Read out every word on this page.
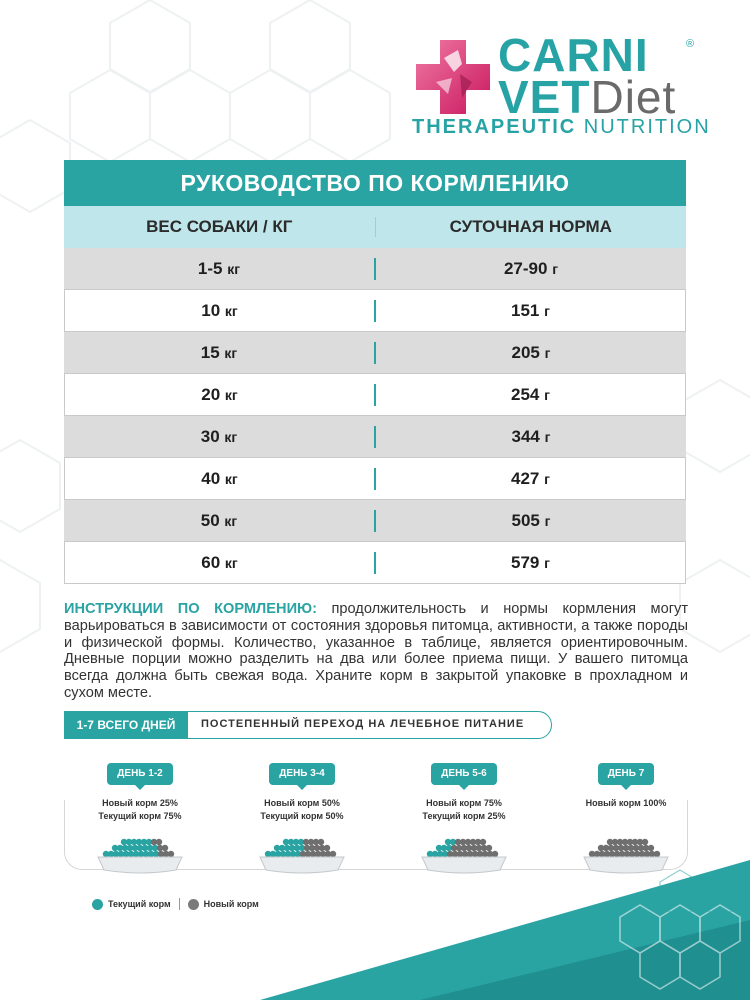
CARNI	®
VETDiet
THERAPEUTIC NUTRITION
РУКОВОДСТВО ПО КОРМЛЕНИЮ
ВЕС СОБАКИ / КГ	СУТОЧНАЯ НОРМА
1-5 кг	27-90 г
10 кг	151 г
15 кг	205 г
20 кг	254 г
30 кг	344 г
40 кг	427 г
50 кг	505 г
60 кг	579 г
ИНСТРУКЦИИ ПО КОРМЛЕНИЮ: продолжительность и нормы кормления могут варьироваться в зависимости от состояния здоровья питомца, активности, а также породы и физической формы. Количество, указанное в таблице, является ориентировочным. Дневные порции можно разделить на два или более приема пищи. У вашего питомца всегда должна быть свежая вода. Храните корм в закрытой упаковке в прохладном и сухом месте.
1-7 ВСЕГО ДНЕЙ	ПОСТЕПЕННЫЙ ПЕРЕХОД НА ЛЕЧЕБНОЕ ПИТАНИЕ
ДЕНЬ 1-2
Новый корм 25%
Текущий корм 75%
ДЕНЬ 3-4
Новый корм 50%
Текущий корм 50%
ДЕНЬ 5-6
Новый корм 75%
Текущий корм 25%
ДЕНЬ 7
Новый корм 100%
Текущий корм	Новый корм
